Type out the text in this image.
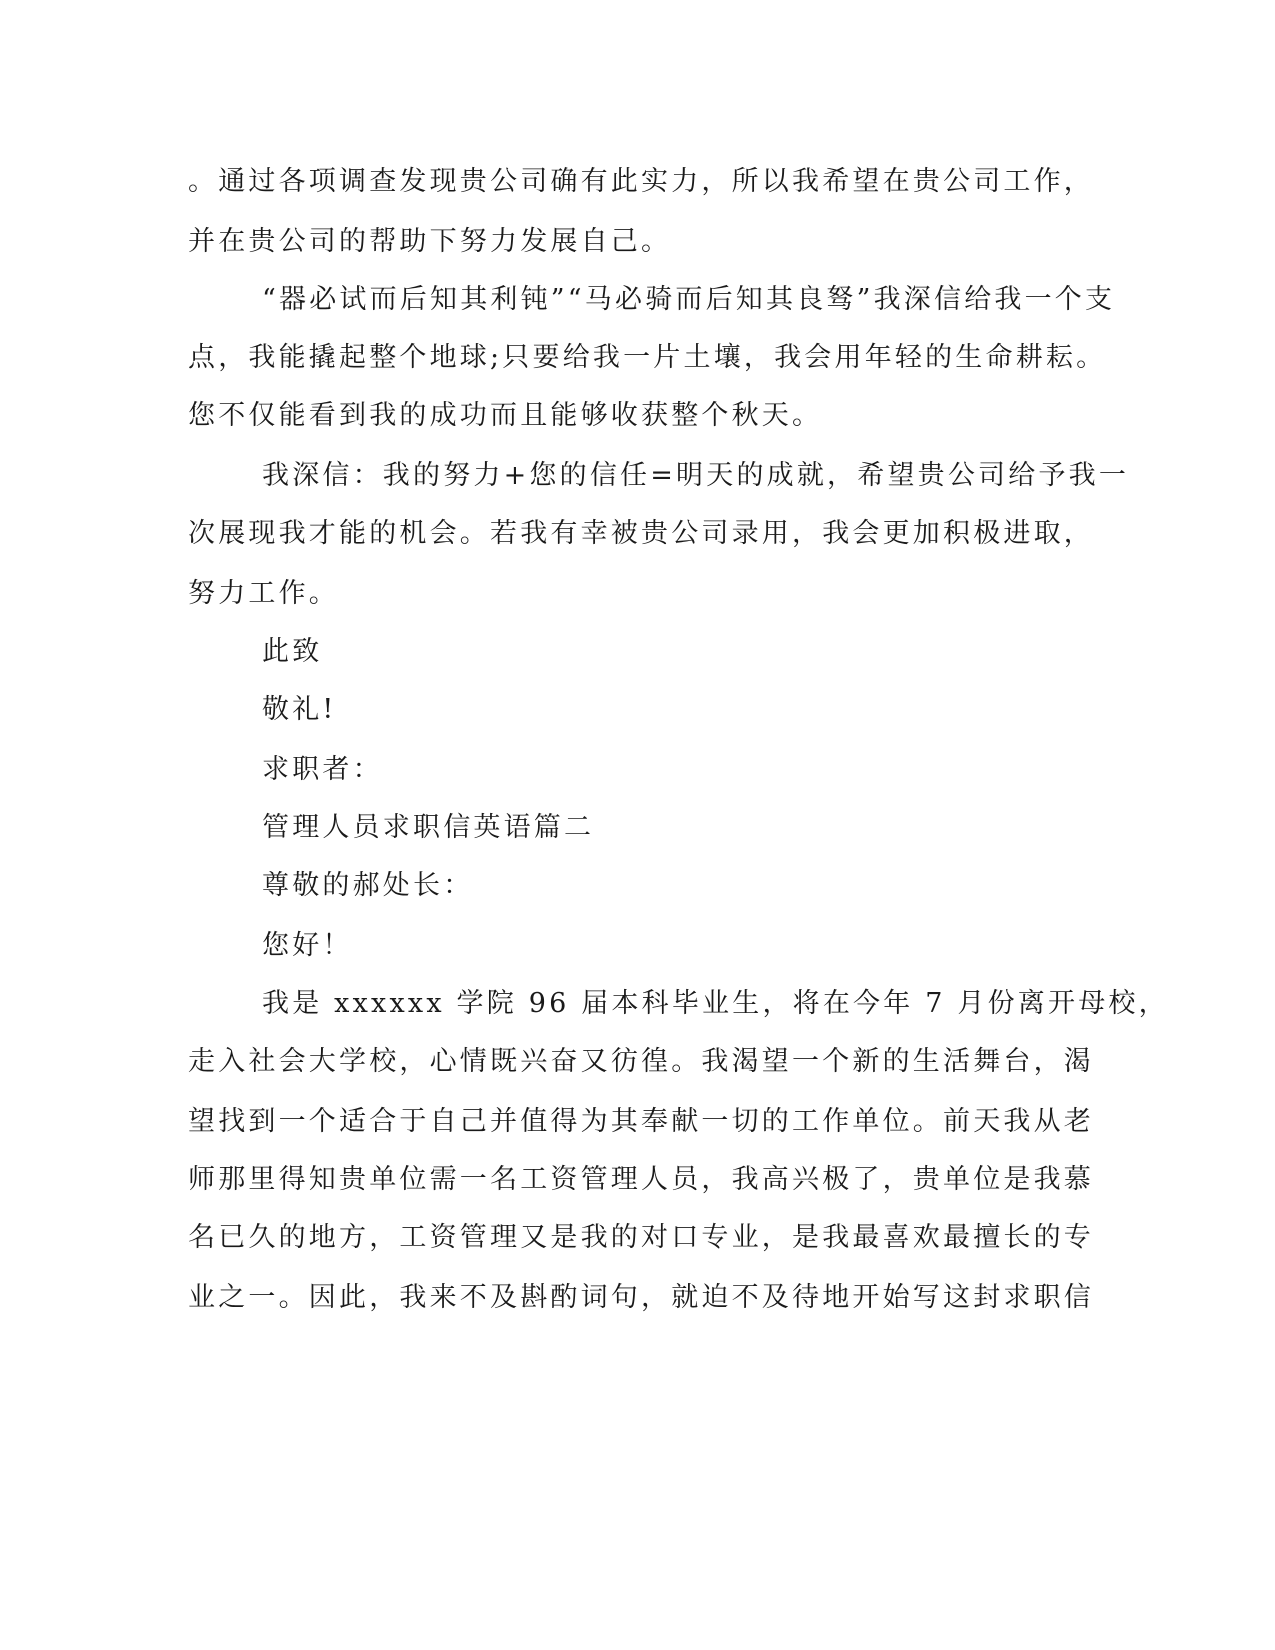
。通过各项调查发现贵公司确有此实力，所以我希望在贵公司工作，
并在贵公司的帮助下努力发展自己。
“器必试而后知其利钝”“马必骑而后知其良驽”我深信给我一个支
点，我能撬起整个地球;只要给我一片土壤，我会用年轻的生命耕耘。
您不仅能看到我的成功而且能够收获整个秋天。
我深信：我的努力+您的信任=明天的成就，希望贵公司给予我一
次展现我才能的机会。若我有幸被贵公司录用，我会更加积极进取，
努力工作。
此致
敬礼!
求职者：
管理人员求职信英语篇二
尊敬的郝处长：
您好！
我是 xxxxxx 学院 96 届本科毕业生，将在今年 7 月份离开母校，
走入社会大学校，心情既兴奋又彷徨。我渴望一个新的生活舞台，渴
望找到一个适合于自己并值得为其奉献一切的工作单位。前天我从老
师那里得知贵单位需一名工资管理人员，我高兴极了，贵单位是我慕
名已久的地方，工资管理又是我的对口专业，是我最喜欢最擅长的专
业之一。因此，我来不及斟酌词句，就迫不及待地开始写这封求职信
